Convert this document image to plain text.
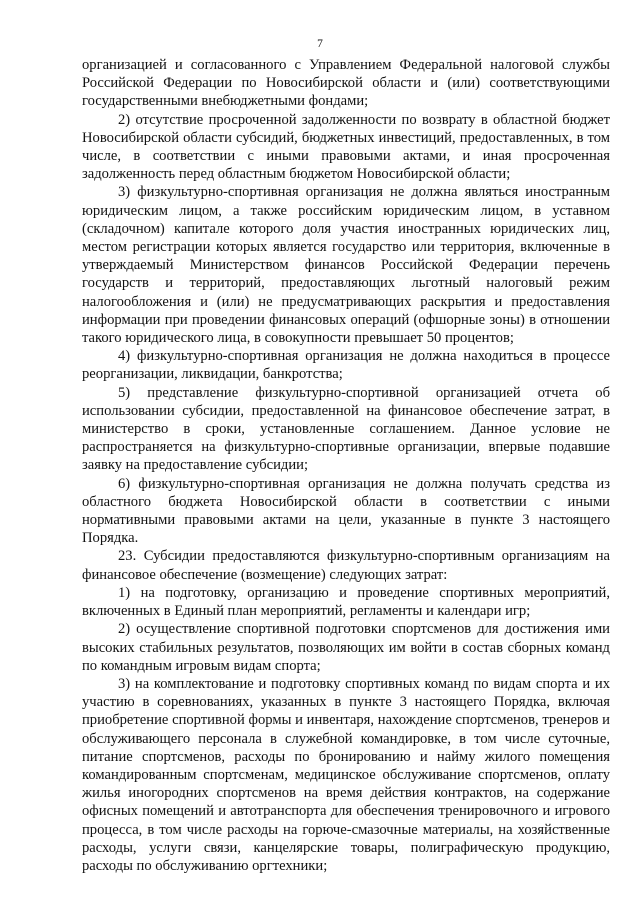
7

организацией и согласованного с Управлением Федеральной налоговой службы Российской Федерации по Новосибирской области и (или) соответствующими государственными внебюджетными фондами;

2) отсутствие просроченной задолженности по возврату в областной бюджет Новосибирской области субсидий, бюджетных инвестиций, предоставленных, в том числе, в соответствии с иными правовыми актами, и иная просроченная задолженность перед областным бюджетом Новосибирской области;

3) физкультурно-спортивная организация не должна являться иностранным юридическим лицом, а также российским юридическим лицом, в уставном (складочном) капитале которого доля участия иностранных юридических лиц, местом регистрации которых является государство или территория, включенные в утверждаемый Министерством финансов Российской Федерации перечень государств и территорий, предоставляющих льготный налоговый режим налогообложения и (или) не предусматривающих раскрытия и предоставления информации при проведении финансовых операций (офшорные зоны) в отношении такого юридического лица, в совокупности превышает 50 процентов;

4) физкультурно-спортивная организация не должна находиться в процессе реорганизации, ликвидации, банкротства;

5) представление физкультурно-спортивной организацией отчета об использовании субсидии, предоставленной на финансовое обеспечение затрат, в министерство в сроки, установленные соглашением. Данное условие не распространяется на физкультурно-спортивные организации, впервые подавшие заявку на предоставление субсидии;

6) физкультурно-спортивная организация не должна получать средства из областного бюджета Новосибирской области в соответствии с иными нормативными правовыми актами на цели, указанные в пункте 3 настоящего Порядка.

23. Субсидии предоставляются физкультурно-спортивным организациям на финансовое обеспечение (возмещение) следующих затрат:

1) на подготовку, организацию и проведение спортивных мероприятий, включенных в Единый план мероприятий, регламенты и календари игр;

2) осуществление спортивной подготовки спортсменов для достижения ими высоких стабильных результатов, позволяющих им войти в состав сборных команд по командным игровым видам спорта;

3) на комплектование и подготовку спортивных команд по видам спорта и их участию в соревнованиях, указанных в пункте 3 настоящего Порядка, включая приобретение спортивной формы и инвентаря, нахождение спортсменов, тренеров и обслуживающего персонала в служебной командировке, в том числе суточные, питание спортсменов, расходы по бронированию и найму жилого помещения командированным спортсменам, медицинское обслуживание спортсменов, оплату жилья иногородних спортсменов на время действия контрактов, на содержание офисных помещений и автотранспорта для обеспечения тренировочного и игрового процесса, в том числе расходы на горюче-смазочные материалы, на хозяйственные расходы, услуги связи, канцелярские товары, полиграфическую продукцию, расходы по обслуживанию оргтехники;
